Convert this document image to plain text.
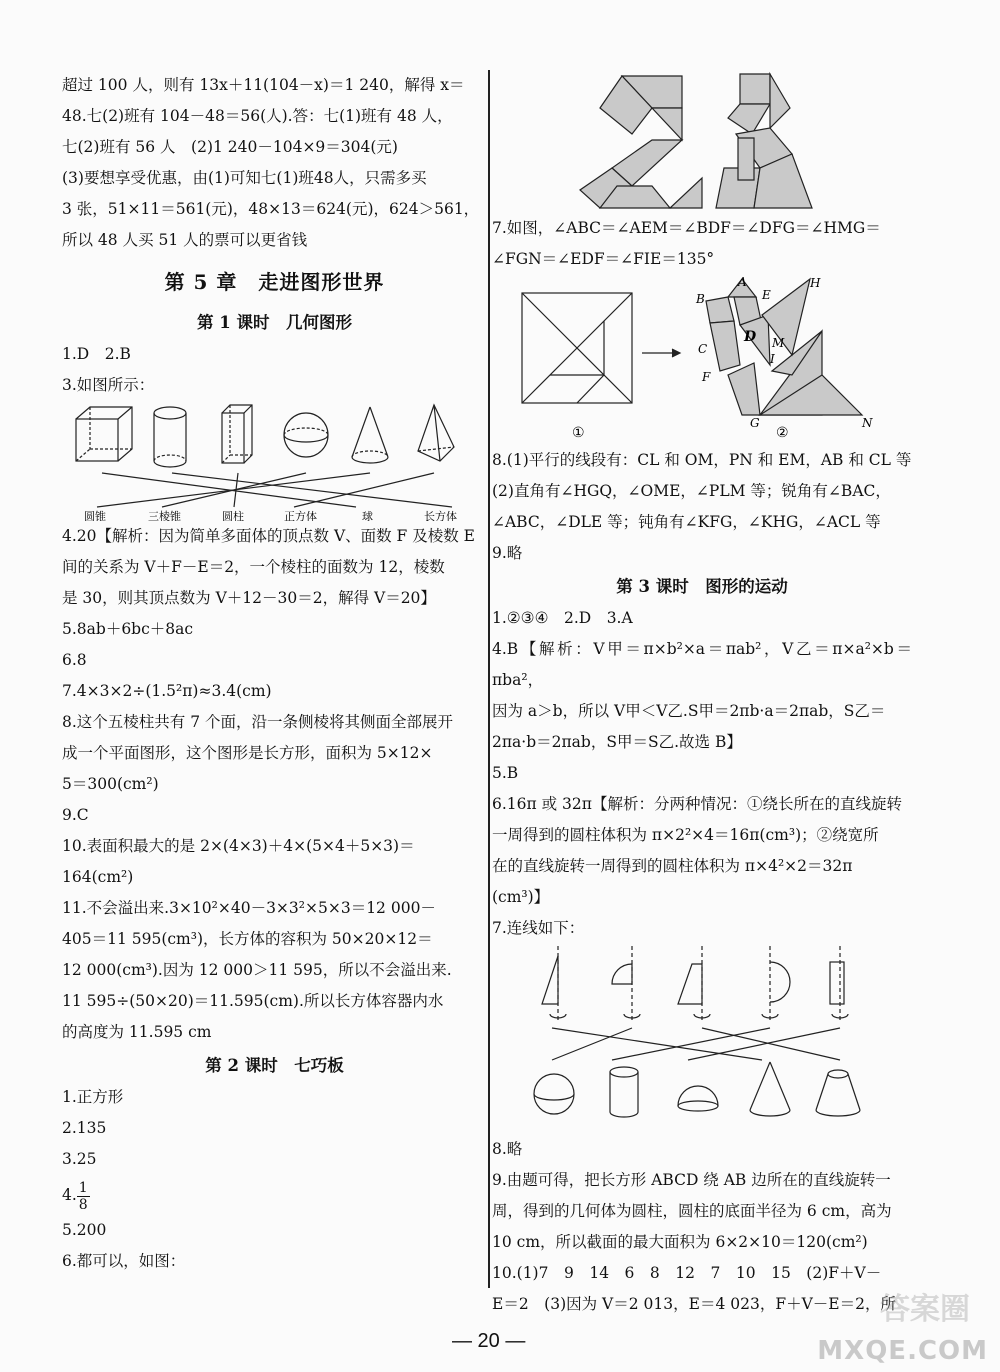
超过 100 人，则有 13x＋11(104－x)＝1 240，解得 x＝

48.七(2)班有 104－48＝56(人).答：七(1)班有 48 人，

七(2)班有 56 人　(2)1 240－104×9＝304(元)

(3)要想享受优惠，由(1)可知七(1)班48人，只需多买

3 张，51×11＝561(元)，48×13＝624(元)，624＞561，

所以 48 人买 51 人的票可以更省钱

第 5 章　走进图形世界
第 1 课时　几何图形

1.D　2.B

3.如图所示：

圆锥	三棱锥	圆柱	正方体	球	长方体

4.20【解析：因为简单多面体的顶点数 V、面数 F 及棱数 E

间的关系为 V＋F－E＝2，一个棱柱的面数为 12，棱数

是 30，则其顶点数为 V＋12－30＝2，解得 V＝20】

5.8ab＋6bc＋8ac

6.8

7.4×3×2÷(1.5²π)≈3.4(cm)

8.这个五棱柱共有 7 个面，沿一条侧棱将其侧面全部展开

成一个平面图形，这个图形是长方形，面积为 5×12×

5＝300(cm²)

9.C

10.表面积最大的是 2×(4×3)＋4×(5×4＋5×3)＝

164(cm²)

11.不会溢出来.3×10²×40－3×3²×5×3＝12 000－

405＝11 595(cm³)，长方体的容积为 50×20×12＝

12 000(cm³).因为 12 000＞11 595，所以不会溢出来.

11 595÷(50×20)＝11.595(cm).所以长方体容器内水

的高度为 11.595 cm

第 2 课时　七巧板

1.正方形

2.135

3.25

4. $\frac{1}{8}$

5.200

6.都可以，如图：

7.如图，∠ABC＝∠AEM＝∠BDF＝∠DFG＝∠HMG＝

∠FGN＝∠EDF＝∠FIE＝135°

A
B	E
H
D M
I
C
F
G	N
①	②

8.(1)平行的线段有：CL 和 OM，PN 和 EM，AB 和 CL 等

(2)直角有∠HGQ，∠OME，∠PLM 等；锐角有∠BAC，

∠ABC，∠DLE 等；钝角有∠KFG，∠KHG，∠ACL 等

9.略

第 3 课时　图形的运动

1.②③④　2.D　3.A

4.B【解析：V甲＝π×b²×a＝πab²，V乙＝π×a²×b＝πba²，

因为 a＞b，所以 V甲＜V乙.S甲＝2πb·a＝2πab，S乙＝

2πa·b＝2πab，S甲＝S乙.故选 B】

5.B

6.16π 或 32π【解析：分两种情况：①绕长所在的直线旋转

一周得到的圆柱体积为 π×2²×4＝16π(cm³)；②绕宽所

在的直线旋转一周得到的圆柱体积为 π×4²×2＝32π

(cm³)】

7.连线如下：

8.略

9.由题可得，把长方形 ABCD 绕 AB 边所在的直线旋转一

周，得到的几何体为圆柱，圆柱的底面半径为 6 cm，高为

10 cm，所以截面的最大面积为 6×2×10＝120(cm²)

10.(1)7　9　14　6　8　12　7　10　15　(2)F＋V－

E＝2　(3)因为 V＝2 013，E＝4 023，F＋V－E＝2，所

— 20 —
答案圈
MXQE.COM
